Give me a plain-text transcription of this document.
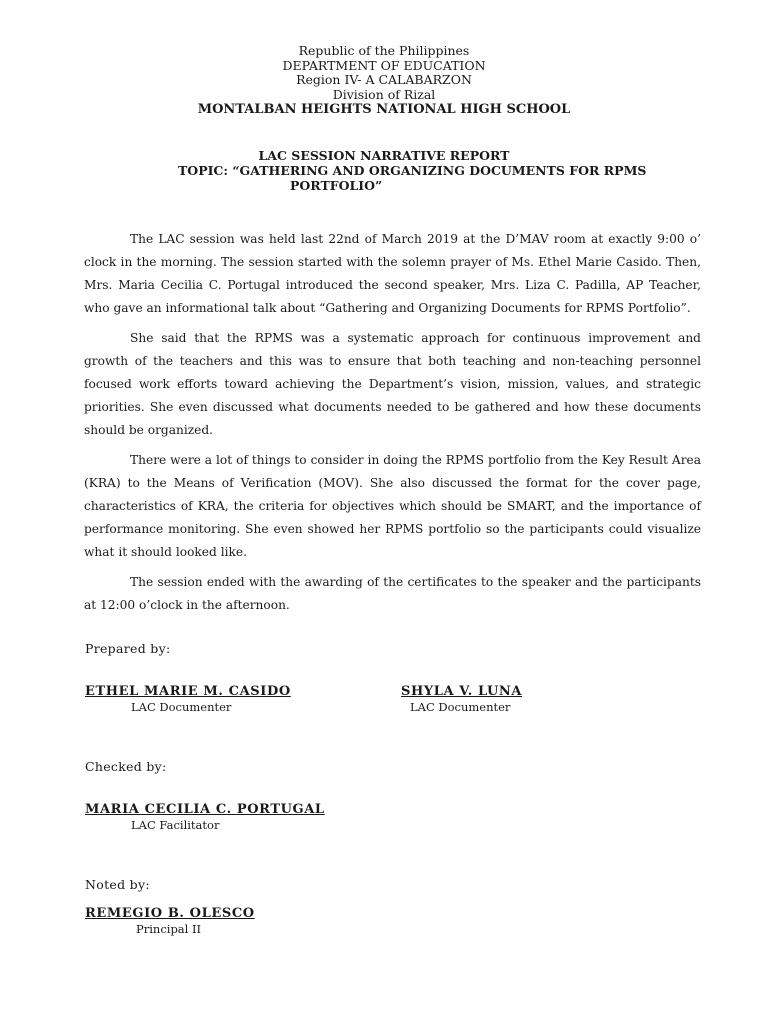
Republic of the Philippines
DEPARTMENT OF EDUCATION
Region IV- A CALABARZON
Division of Rizal
MONTALBAN HEIGHTS NATIONAL HIGH SCHOOL
LAC SESSION NARRATIVE REPORT
TOPIC: “GATHERING AND ORGANIZING DOCUMENTS FOR RPMS
PORTFOLIO”

The LAC session was held last 22nd of March 2019 at the D’MAV room at exactly 9:00 o’ clock in the morning. The session started with the solemn prayer of Ms. Ethel Marie Casido. Then, Mrs. Maria Cecilia C. Portugal introduced the second speaker, Mrs. Liza C. Padilla, AP Teacher, who gave an informational talk about “Gathering and Organizing Documents for RPMS Portfolio”.

She said that the RPMS was a systematic approach for continuous improvement and growth of the teachers and this was to ensure that both teaching and non-teaching personnel focused work efforts toward achieving the Department’s vision, mission, values, and strategic priorities. She even discussed what documents needed to be gathered and how these documents should be organized.

There were a lot of things to consider in doing the RPMS portfolio from the Key Result Area (KRA) to the Means of Verification (MOV). She also discussed the format for the cover page, characteristics of KRA, the criteria for objectives which should be SMART, and the importance of performance monitoring. She even showed her RPMS portfolio so the participants could visualize what it should looked like.

The session ended with the awarding of the certificates to the speaker and the participants at 12:00 o’clock in the afternoon.

Prepared by:
ETHEL MARIE M. CASIDO
LAC Documenter
SHYLA V. LUNA
LAC Documenter
Checked by:
MARIA CECILIA C. PORTUGAL
LAC Facilitator
Noted by:
REMEGIO B. OLESCO
Principal II
